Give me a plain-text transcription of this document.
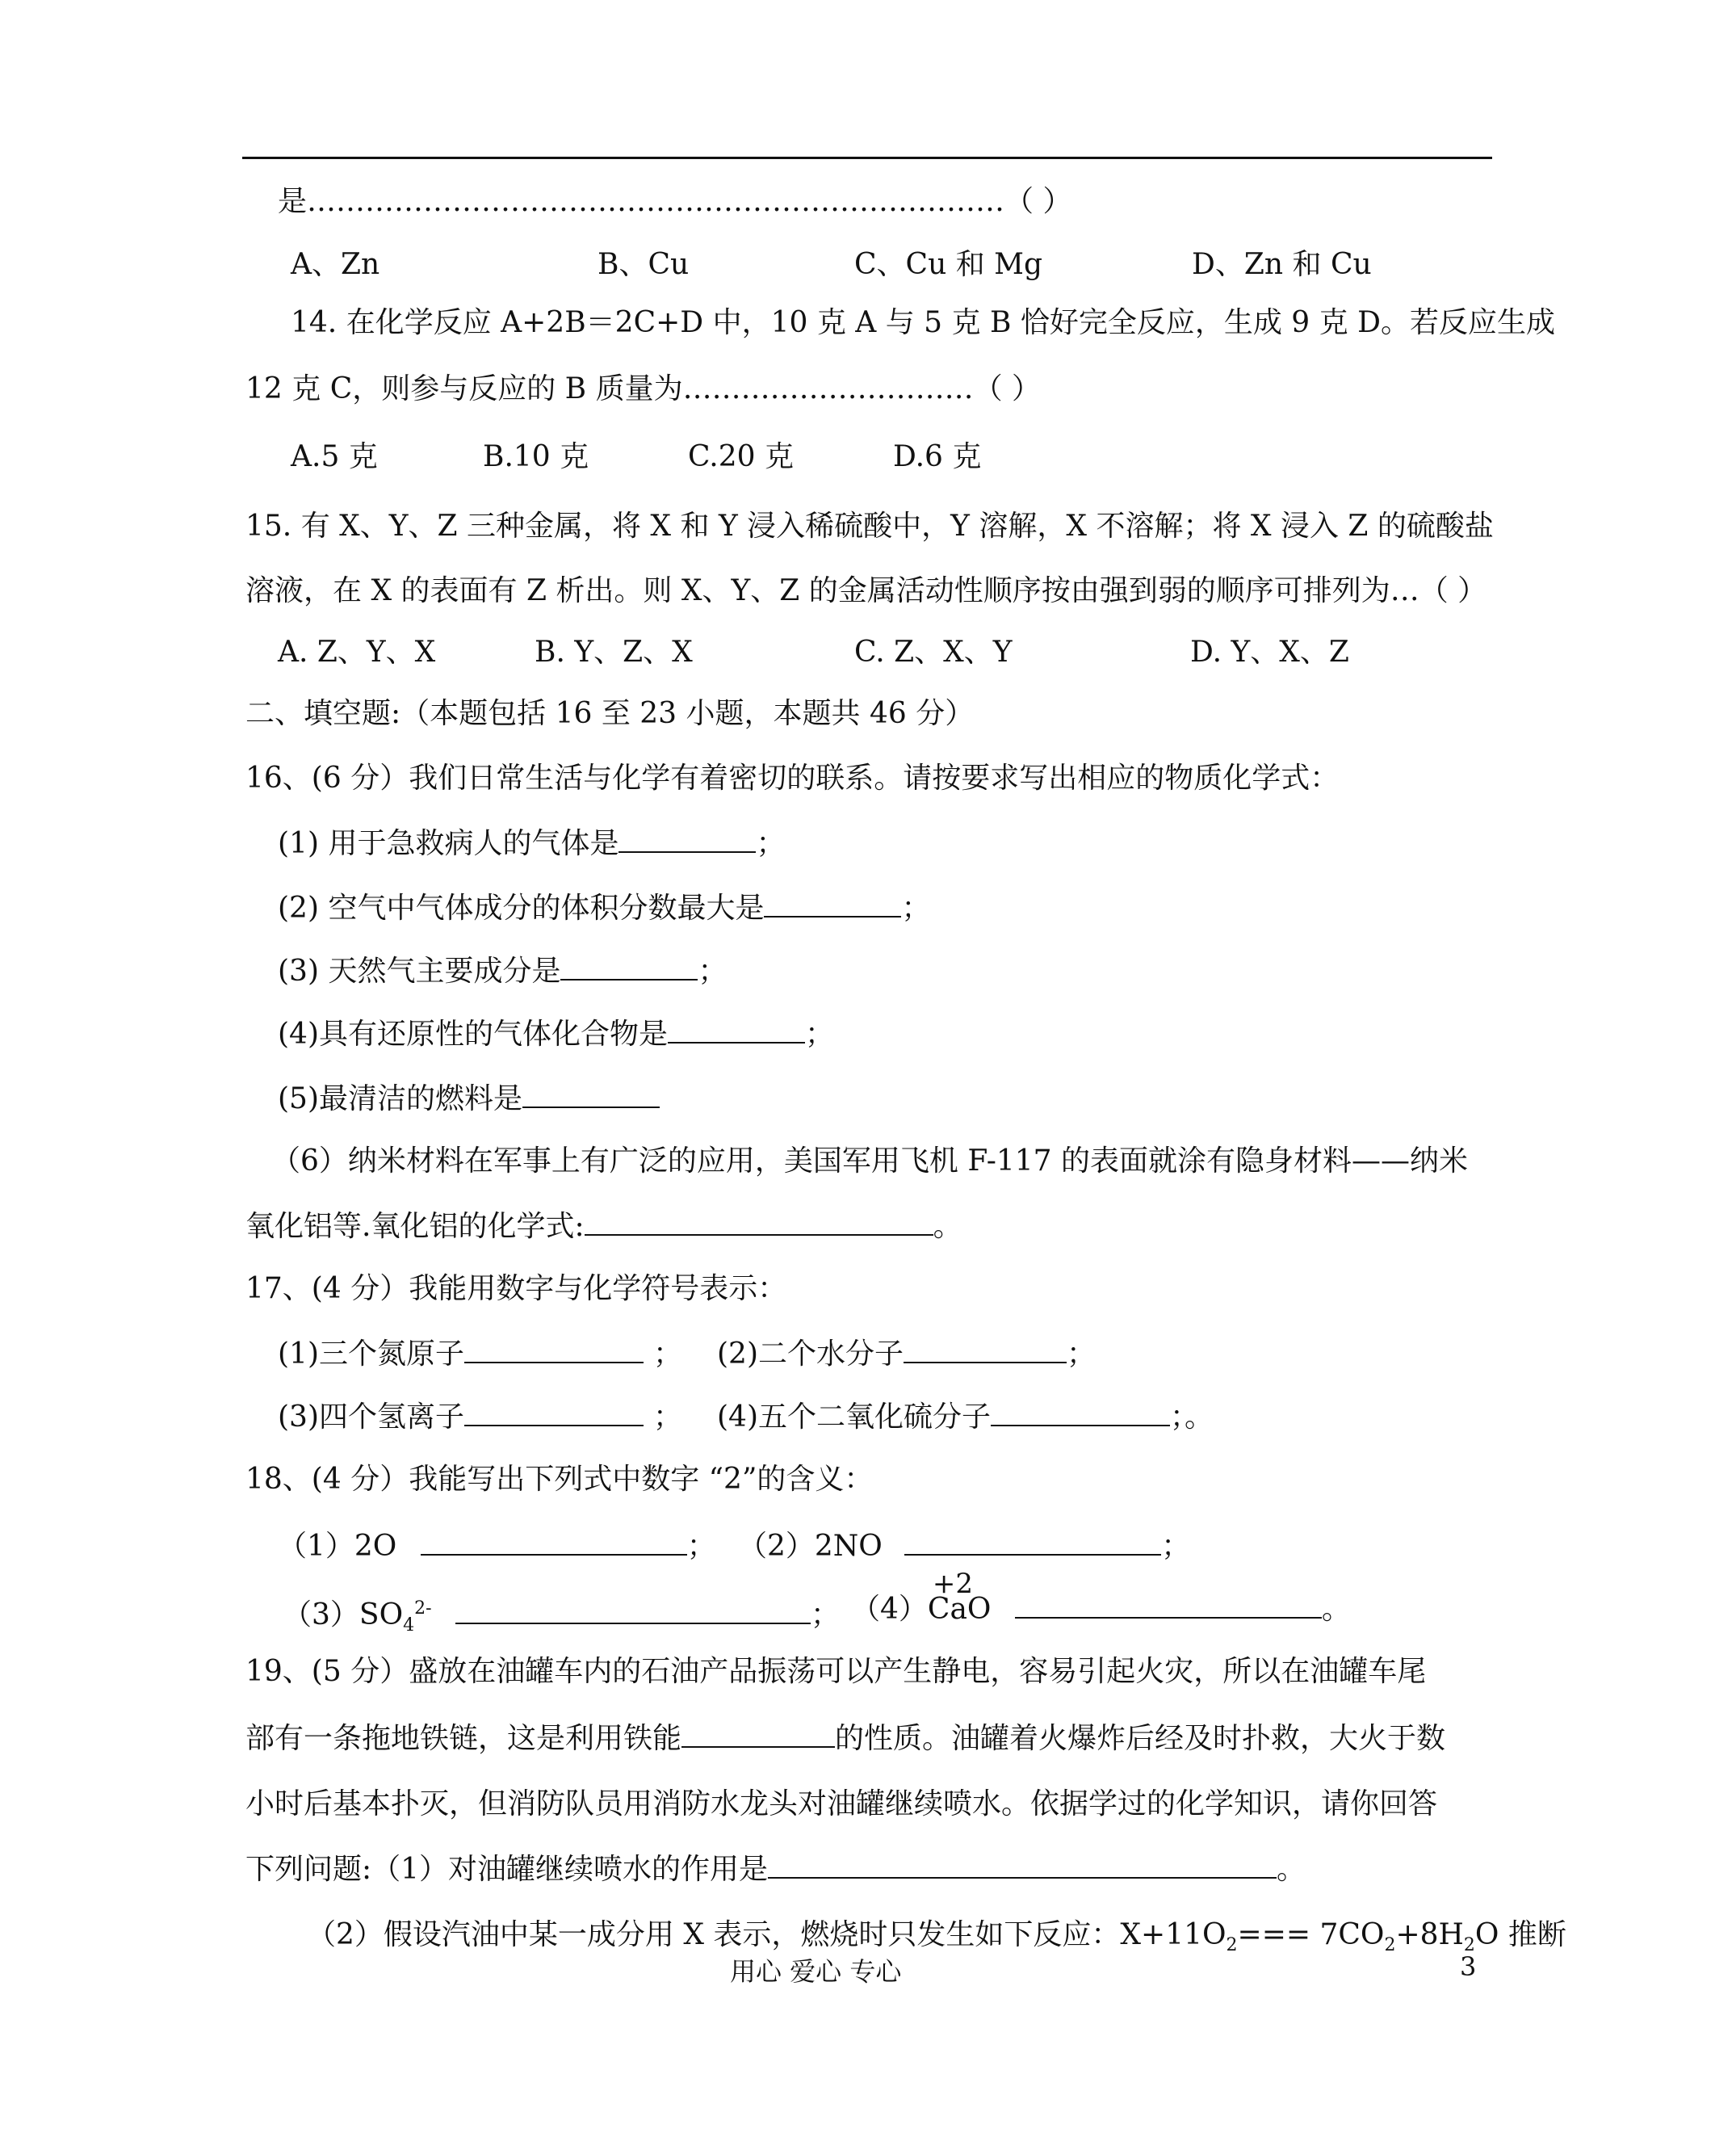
是………………………………………………………………（ ）
A、Zn	B、Cu	C、Cu 和 Mg	D、Zn 和 Cu
14. 在化学反应 A+2B＝2C+D 中，10 克 A 与 5 克 B 恰好完全反应，生成 9 克 D。若反应生成
12 克 C，则参与反应的 B 质量为…………………………（ ）
A.5 克	B.10 克	C.20 克	D.6 克
15. 有 X、Y、Z 三种金属，将 X 和 Y 浸入稀硫酸中，Y 溶解，X 不溶解；将 X 浸入 Z 的硫酸盐
溶液，在 X 的表面有 Z 析出。则 X、Y、Z 的金属活动性顺序按由强到弱的顺序可排列为…（ ）
A. Z、Y、X	B. Y、Z、X	C. Z、X、Y	D. Y、X、Z
二、填空题:（本题包括 16 至 23 小题，本题共 46 分）
16、(6 分）我们日常生活与化学有着密切的联系。请按要求写出相应的物质化学式：
(1) 用于急救病人的气体是	；
(2) 空气中气体成分的体积分数最大是	；
(3) 天然气主要成分是	；
(4)具有还原性的气体化合物是	；
(5)最清洁的燃料是
（6）纳米材料在军事上有广泛的应用，美国军用飞机 F-117 的表面就涂有隐身材料——纳米
氧化铝等.氧化铝的化学式:	。
17、(4 分）我能用数字与化学符号表示：
(1)三个氮原子	； (2)二个水分子	；
(3)四个氢离子	； (4)五个二氧化硫分子	；。
18、(4 分）我能写出下列式中数字 “2”的含义：
（1）2O	； （2）2NO	；
$(3)SO_4^{2-}$	； （4）
+2
CaO	。
19、(5 分）盛放在油罐车内的石油产品振荡可以产生静电，容易引起火灾，所以在油罐车尾
部有一条拖地铁链，这是利用铁能	的性质。油罐着火爆炸后经及时扑救，大火于数
小时后基本扑灭，但消防队员用消防水龙头对油罐继续喷水。依据学过的化学知识，请你回答
下列问题:（1）对油罐继续喷水的作用是	。
（2）假设汽油中某一成分用 X 表示，燃烧时只发生如下反应：$X+11O_2=== 7CO_2+8H_2O$ 推断
用心 爱心 专心	3
